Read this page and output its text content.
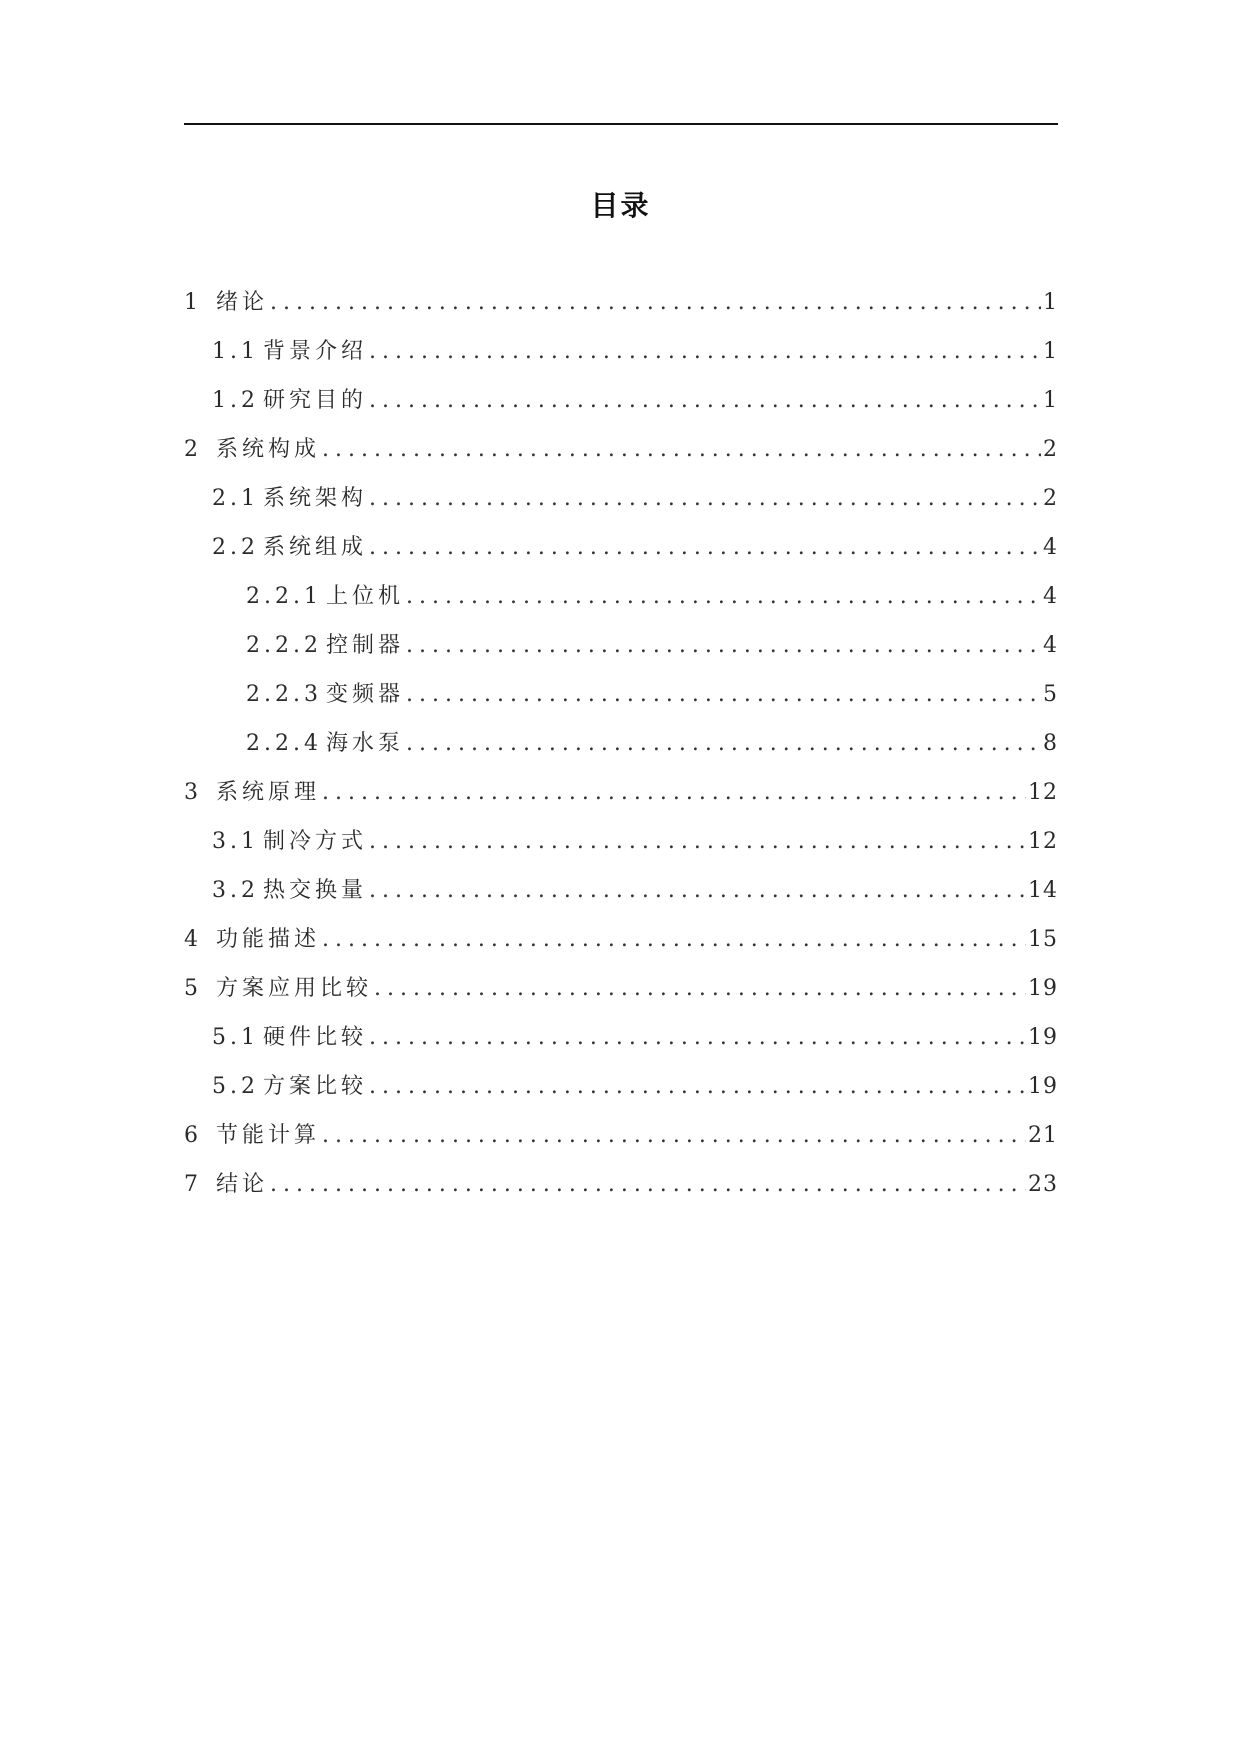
目录
1 绪论 .....	1
1.1 背景介绍 .....	1
1.2 研究目的 .....	1
2 系统构成 .....	2
2.1 系统架构 .....	2
2.2 系统组成 .....	4
2.2.1 上位机 .....	4
2.2.2 控制器 .....	4
2.2.3 变频器 .....	5
2.2.4 海水泵 .....	8
3 系统原理 .....	12
3.1 制冷方式 .....	12
3.2 热交换量 .....	14
4 功能描述 .....	15
5 方案应用比较 .....	19
5.1 硬件比较 .....	19
5.2 方案比较 .....	19
6 节能计算 .....	21
7 结论 .....	23
